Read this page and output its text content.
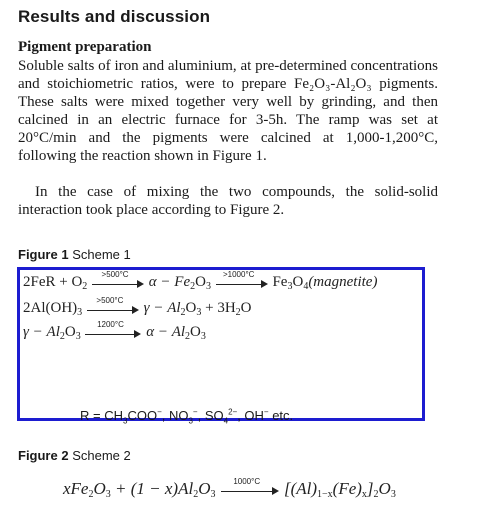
Results and discussion
Pigment preparation

Soluble salts of iron and aluminium, at pre-determined concentrations and stoichiometric ratios, were to prepare Fe₂O₃-Al₂O₃ pigments. These salts were mixed together very well by grinding, and then calcined in an electric furnace for 3-5h. The ramp was set at 20°C/min and the pigments were calcined at 1,000-1,200°C, following the reaction shown in Figure 1.

In the case of mixing the two compounds, the solid-solid interaction took place according to Figure 2.

Figure 1 Scheme 1
$2FeR + O_2$
>500°C	$\alpha - Fe_2O_3$
>1000°C	$Fe_3O_4(magnetite)$
$2Al(OH)_3$
>500°C	$\gamma - Al_2O_3 + 3H_2O$
$\gamma - Al_2O_3$
1200°C	$\alpha - Al_2O_3$
$R = CH_3COO^-$, $NO_3^-$, $SO_4^{2-}$, OH− etc.
Figure 2 Scheme 2
$xFe_2O_3 + (1 - x)Al_2O_3$
1000°C	$[(Al)_{1-x}(Fe)_x]_2O_3$
